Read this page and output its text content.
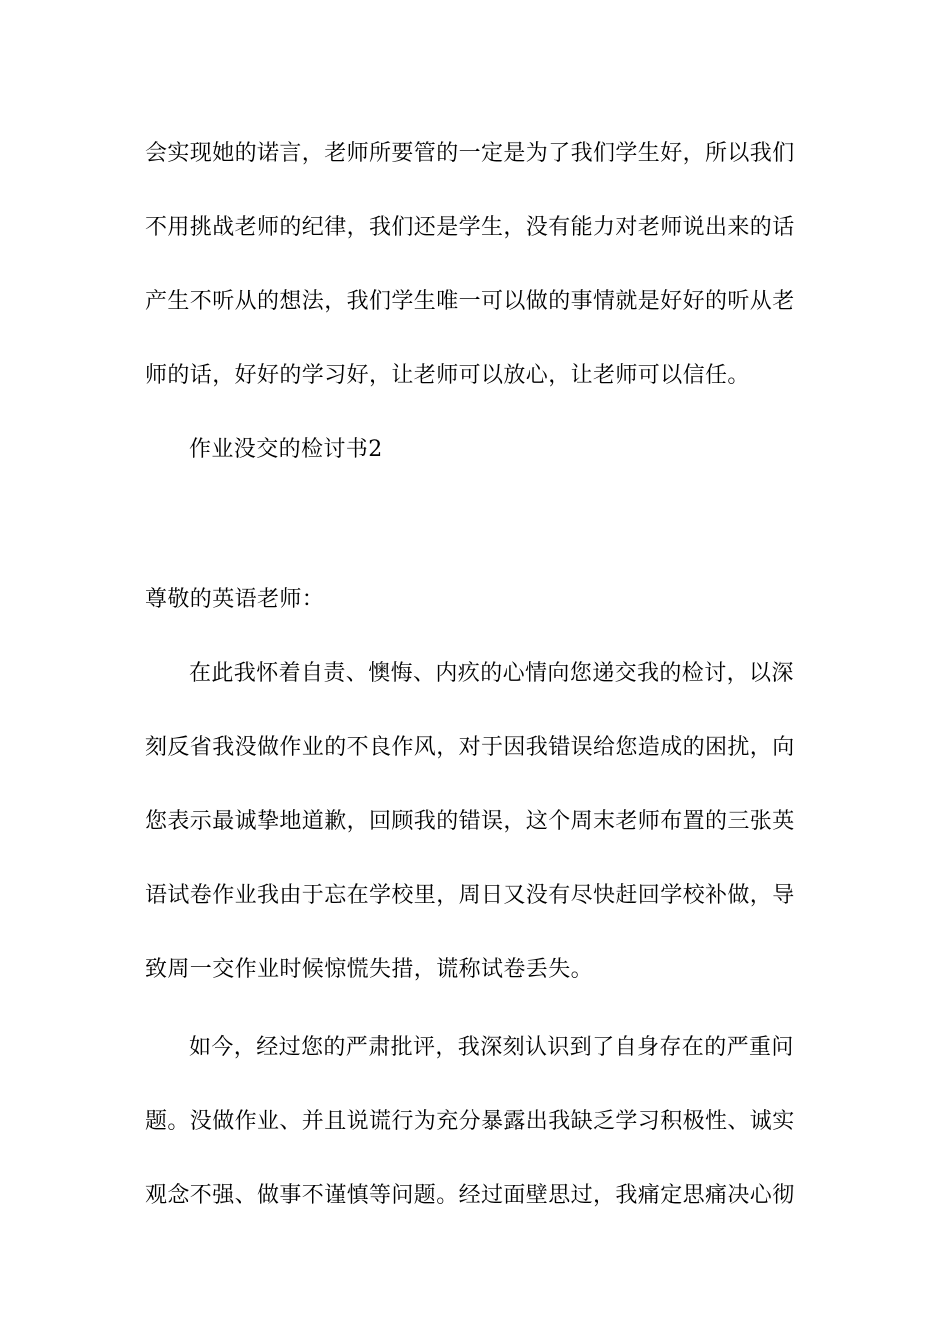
会实现她的诺言，老师所要管的一定是为了我们学生好，所以我们
不用挑战老师的纪律，我们还是学生，没有能力对老师说出来的话
产生不听从的想法，我们学生唯一可以做的事情就是好好的听从老
师的话，好好的学习好，让老师可以放心，让老师可以信任。
作业没交的检讨书2
尊敬的英语老师：
在此我怀着自责、懊悔、内疚的心情向您递交我的检讨，以深
刻反省我没做作业的不良作风，对于因我错误给您造成的困扰，向
您表示最诚挚地道歉，回顾我的错误，这个周末老师布置的三张英
语试卷作业我由于忘在学校里，周日又没有尽快赶回学校补做，导
致周一交作业时候惊慌失措，谎称试卷丢失。
如今，经过您的严肃批评，我深刻认识到了自身存在的严重问
题。没做作业、并且说谎行为充分暴露出我缺乏学习积极性、诚实
观念不强、做事不谨慎等问题。经过面壁思过，我痛定思痛决心彻
